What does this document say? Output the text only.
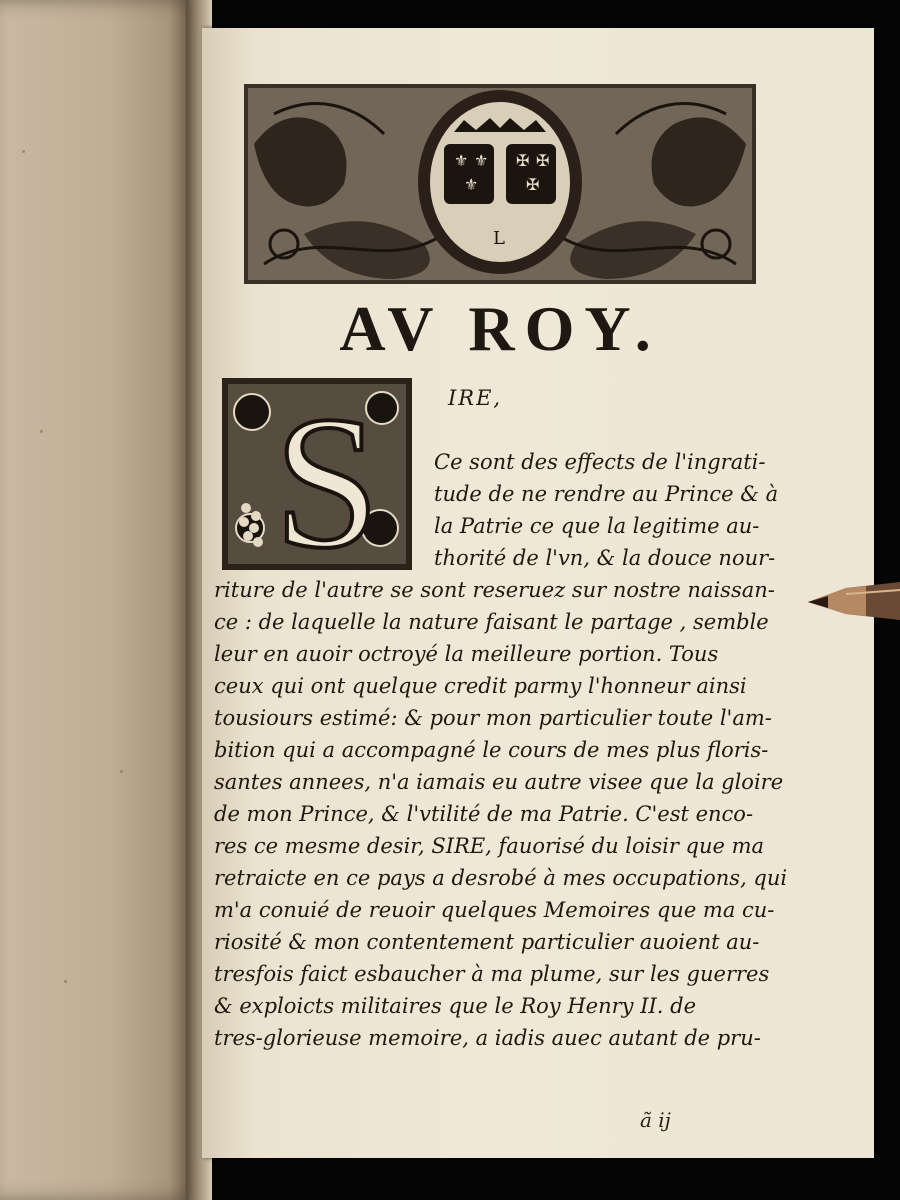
⚜ ⚜
⚜
✠ ✠
✠
L
AV ROY.
S	IRE,
Ce sont des effects de l'ingrati-
tude de ne rendre au Prince & à
la Patrie ce que la legitime au-
thorité de l'vn, & la douce nour-
riture de l'autre se sont reseruez sur nostre naissan-
ce : de laquelle la nature faisant le partage , semble
leur en auoir octroyé la meilleure portion. Tous
ceux qui ont quelque credit parmy l'honneur ainsi
tousiours estimé: & pour mon particulier toute l'am-
bition qui a accompagné le cours de mes plus floris-
santes annees, n'a iamais eu autre visee que la gloire
de mon Prince, & l'vtilité de ma Patrie. C'est enco-
res ce mesme desir, SIRE, fauorisé du loisir que ma
retraicte en ce pays a desrobé à mes occupations, qui
m'a conuié de reuoir quelques Memoires que ma cu-
riosité & mon contentement particulier auoient au-
tresfois faict esbaucher à ma plume, sur les guerres
& exploicts militaires que le Roy Henry II. de
tres-glorieuse memoire, a iadis auec autant de pru-
ã ij
